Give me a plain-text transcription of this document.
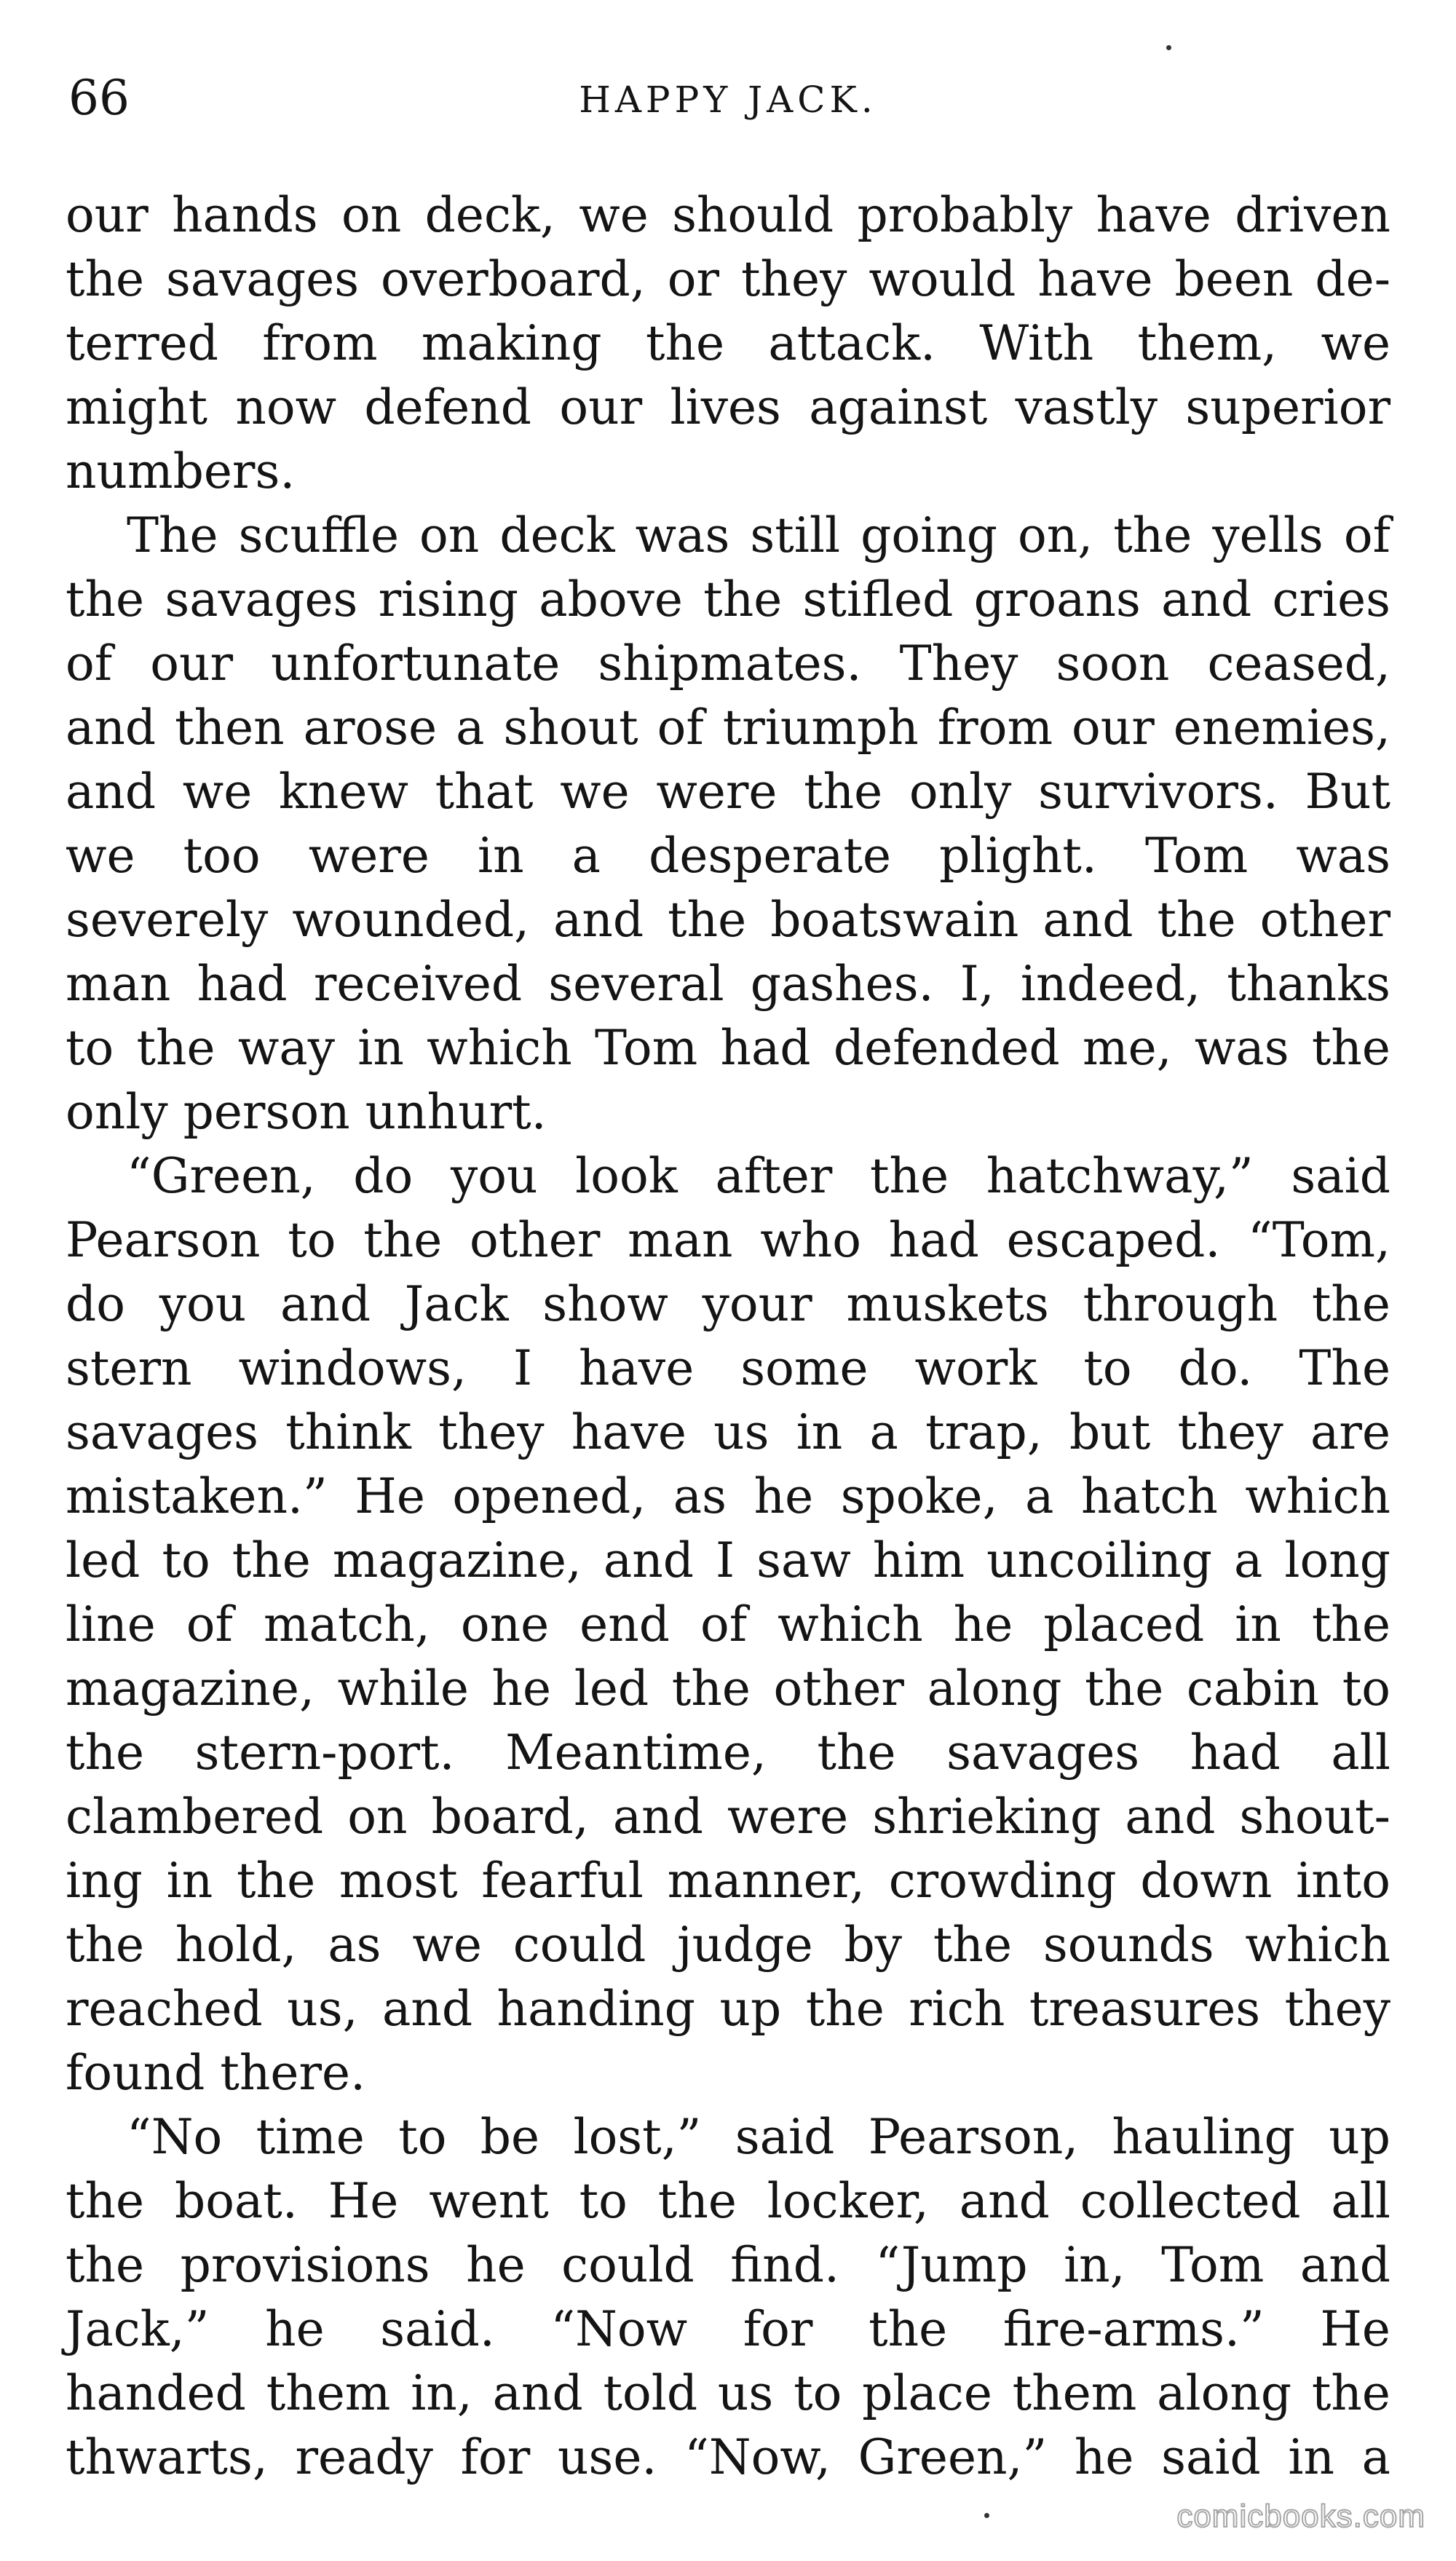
66	HAPPY JACK.
our hands on deck, we should probably have driven
the savages overboard, or they would have been de-
terred from making the attack. With them, we
might now defend our lives against vastly superior
numbers.
The scuffle on deck was still going on, the yells of
the savages rising above the stifled groans and cries
of our unfortunate shipmates. They soon ceased,
and then arose a shout of triumph from our enemies,
and we knew that we were the only survivors. But
we too were in a desperate plight. Tom was
severely wounded, and the boatswain and the other
man had received several gashes. I, indeed, thanks
to the way in which Tom had defended me, was the
only person unhurt.
“Green, do you look after the hatchway,” said
Pearson to the other man who had escaped. “Tom,
do you and Jack show your muskets through the
stern windows, I have some work to do. The
savages think they have us in a trap, but they are
mistaken.” He opened, as he spoke, a hatch which
led to the magazine, and I saw him uncoiling a long
line of match, one end of which he placed in the
magazine, while he led the other along the cabin to
the stern-port. Meantime, the savages had all
clambered on board, and were shrieking and shout-
ing in the most fearful manner, crowding down into
the hold, as we could judge by the sounds which
reached us, and handing up the rich treasures they
found there.
“No time to be lost,” said Pearson, hauling up
the boat. He went to the locker, and collected all
the provisions he could find. “Jump in, Tom and
Jack,” he said. “Now for the fire-arms.” He
handed them in, and told us to place them along the
thwarts, ready for use. “Now, Green,” he said in a
comicbooks.com
